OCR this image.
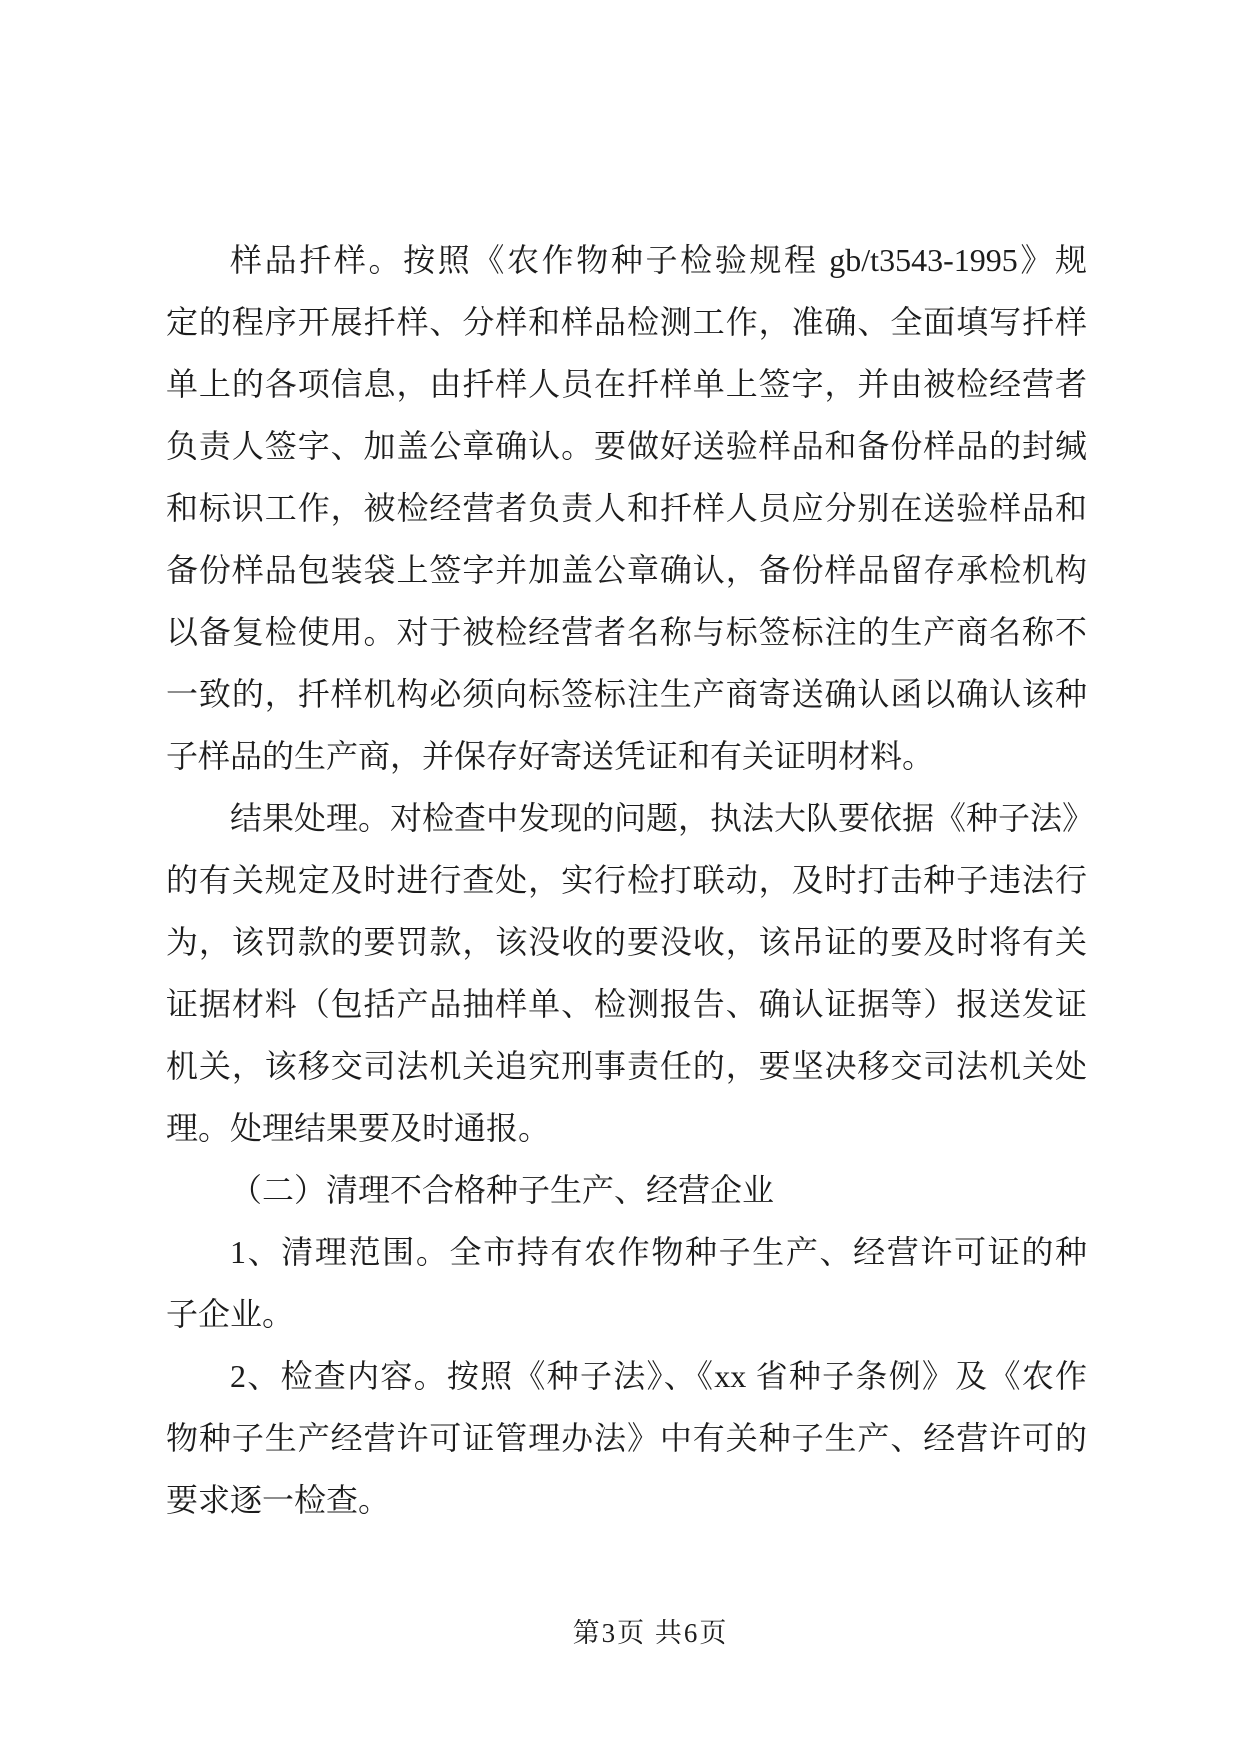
样品扦样。按照《农作物种子检验规程 gb/t3543-1995》规
定的程序开展扦样、分样和样品检测工作，准确、全面填写扦样
单上的各项信息，由扦样人员在扦样单上签字，并由被检经营者
负责人签字、加盖公章确认。要做好送验样品和备份样品的封缄
和标识工作，被检经营者负责人和扦样人员应分别在送验样品和
备份样品包装袋上签字并加盖公章确认，备份样品留存承检机构
以备复检使用。对于被检经营者名称与标签标注的生产商名称不
一致的，扦样机构必须向标签标注生产商寄送确认函以确认该种
子样品的生产商，并保存好寄送凭证和有关证明材料。
结果处理。对检查中发现的问题，执法大队要依据《种子法》
的有关规定及时进行查处，实行检打联动，及时打击种子违法行
为，该罚款的要罚款，该没收的要没收，该吊证的要及时将有关
证据材料（包括产品抽样单、检测报告、确认证据等）报送发证
机关，该移交司法机关追究刑事责任的，要坚决移交司法机关处
理。处理结果要及时通报。
（二）清理不合格种子生产、经营企业
1、清理范围。全市持有农作物种子生产、经营许可证的种
子企业。
2、检查内容。按照《种子法》、《xx 省种子条例》及《农作
物种子生产经营许可证管理办法》中有关种子生产、经营许可的
要求逐一检查。
第3页 共6页
